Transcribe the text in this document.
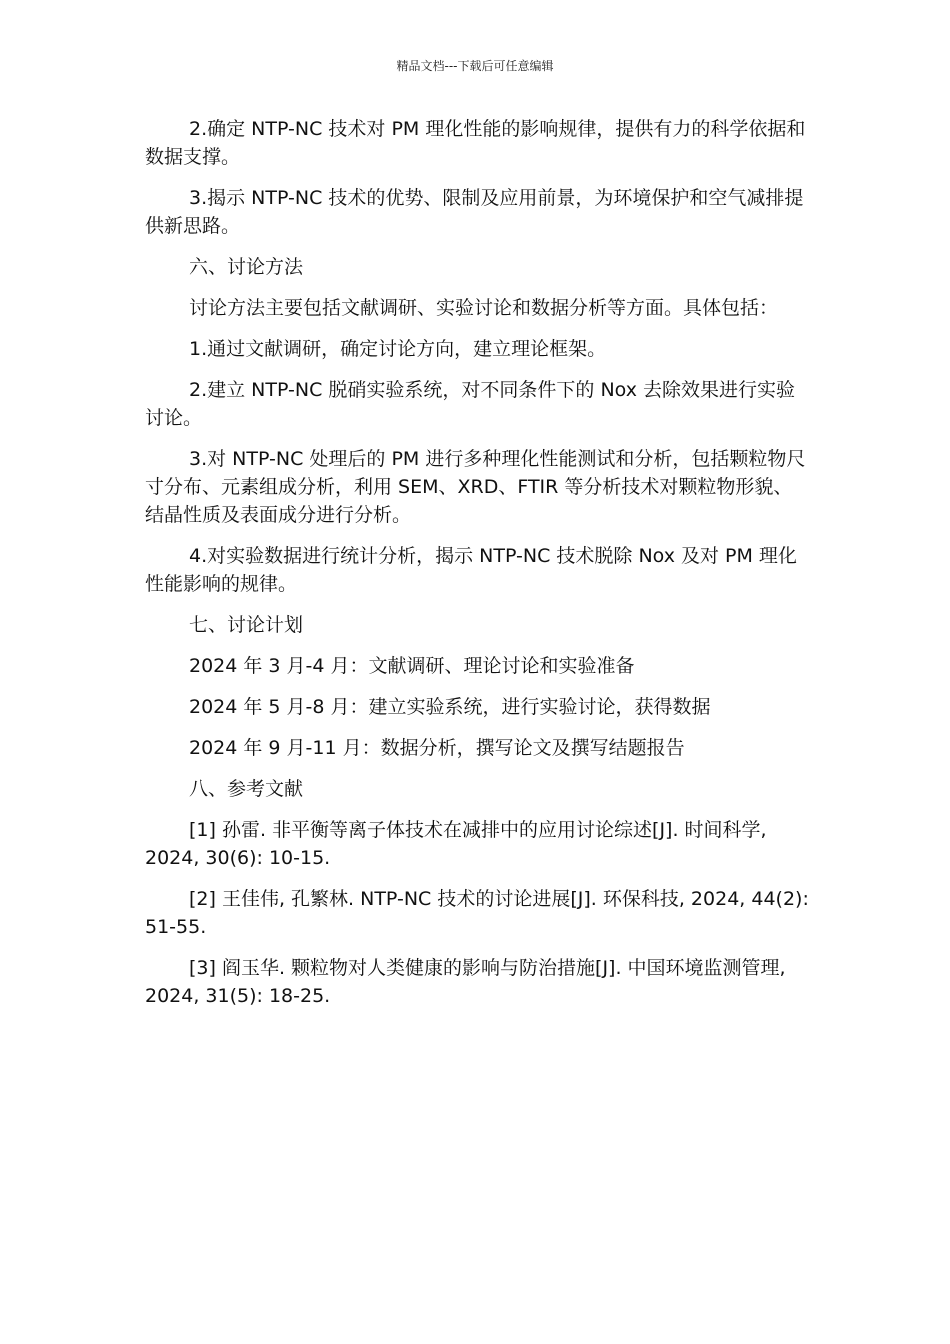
精品文档---下载后可任意编辑

2.确定 NTP-NC 技术对 PM 理化性能的影响规律，提供有力的科学依据和数据支撑。

3.揭示 NTP-NC 技术的优势、限制及应用前景，为环境保护和空气减排提供新思路。

六、讨论方法

讨论方法主要包括文献调研、实验讨论和数据分析等方面。具体包括：

1.通过文献调研，确定讨论方向，建立理论框架。

2.建立 NTP-NC 脱硝实验系统，对不同条件下的 Nox 去除效果进行实验讨论。

3.对 NTP-NC 处理后的 PM 进行多种理化性能测试和分析，包括颗粒物尺寸分布、元素组成分析，利用 SEM、XRD、FTIR 等分析技术对颗粒物形貌、结晶性质及表面成分进行分析。

4.对实验数据进行统计分析，揭示 NTP-NC 技术脱除 Nox 及对 PM 理化性能影响的规律。

七、讨论计划

2024 年 3 月-4 月：文献调研、理论讨论和实验准备

2024 年 5 月-8 月：建立实验系统，进行实验讨论，获得数据

2024 年 9 月-11 月：数据分析，撰写论文及撰写结题报告

八、参考文献

[1] 孙雷. 非平衡等离子体技术在减排中的应用讨论综述[J]. 时间科学, 2024, 30(6): 10-15.

[2] 王佳伟, 孔繁林. NTP-NC 技术的讨论进展[J]. 环保科技, 2024, 44(2): 51-55.

[3] 阎玉华. 颗粒物对人类健康的影响与防治措施[J]. 中国环境监测管理, 2024, 31(5): 18-25.
